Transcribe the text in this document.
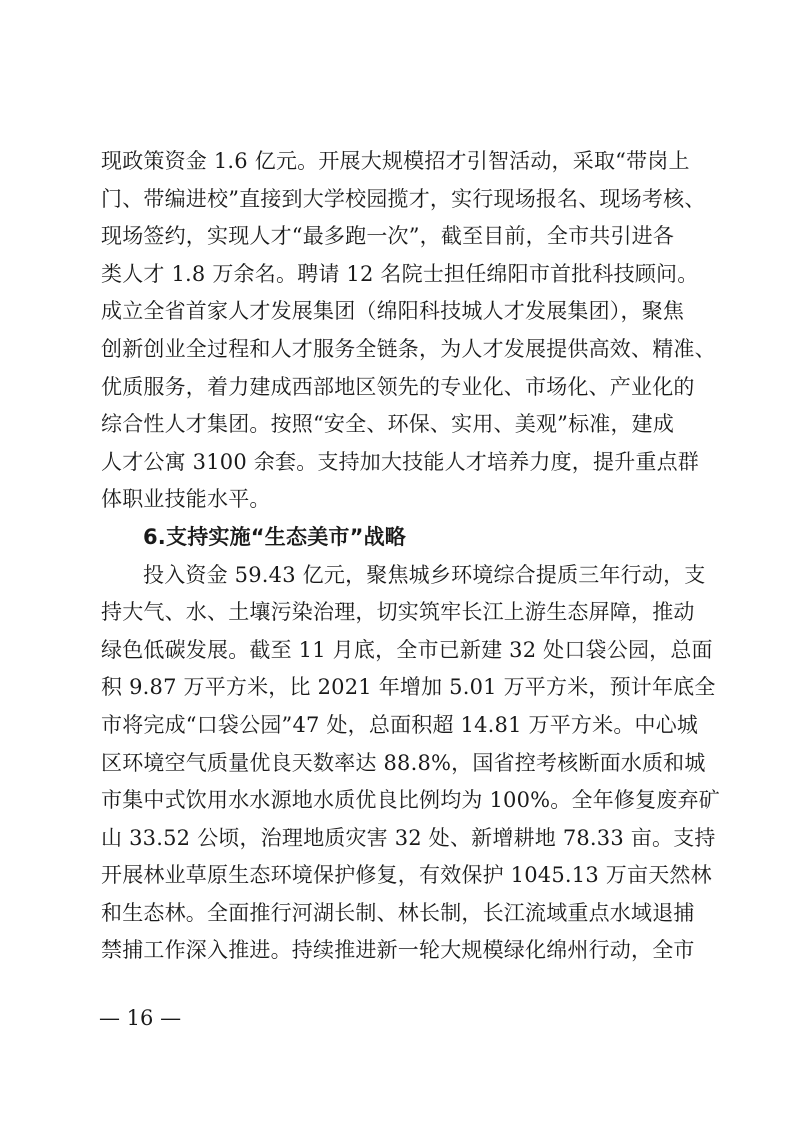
现政策资金 1.6 亿元。开展大规模招才引智活动，采取“带岗上
门、带编进校”直接到大学校园揽才，实行现场报名、现场考核、
现场签约，实现人才“最多跑一次”，截至目前，全市共引进各
类人才 1.8 万余名。聘请 12 名院士担任绵阳市首批科技顾问。
成立全省首家人才发展集团（绵阳科技城人才发展集团），聚焦
创新创业全过程和人才服务全链条，为人才发展提供高效、精准、
优质服务，着力建成西部地区领先的专业化、市场化、产业化的
综合性人才集团。按照“安全、环保、实用、美观”标准，建成
人才公寓 3100 余套。支持加大技能人才培养力度，提升重点群
体职业技能水平。
6.支持实施“生态美市”战略
投入资金 59.43 亿元，聚焦城乡环境综合提质三年行动，支
持大气、水、土壤污染治理，切实筑牢长江上游生态屏障，推动
绿色低碳发展。截至 11 月底，全市已新建 32 处口袋公园，总面
积 9.87 万平方米，比 2021 年增加 5.01 万平方米，预计年底全
市将完成“口袋公园”47 处，总面积超 14.81 万平方米。中心城
区环境空气质量优良天数率达 88.8%，国省控考核断面水质和城
市集中式饮用水水源地水质优良比例均为 100%。全年修复废弃矿
山 33.52 公顷，治理地质灾害 32 处、新增耕地 78.33 亩。支持
开展林业草原生态环境保护修复，有效保护 1045.13 万亩天然林
和生态林。全面推行河湖长制、林长制，长江流域重点水域退捕
禁捕工作深入推进。持续推进新一轮大规模绿化绵州行动，全市
— 16 —
